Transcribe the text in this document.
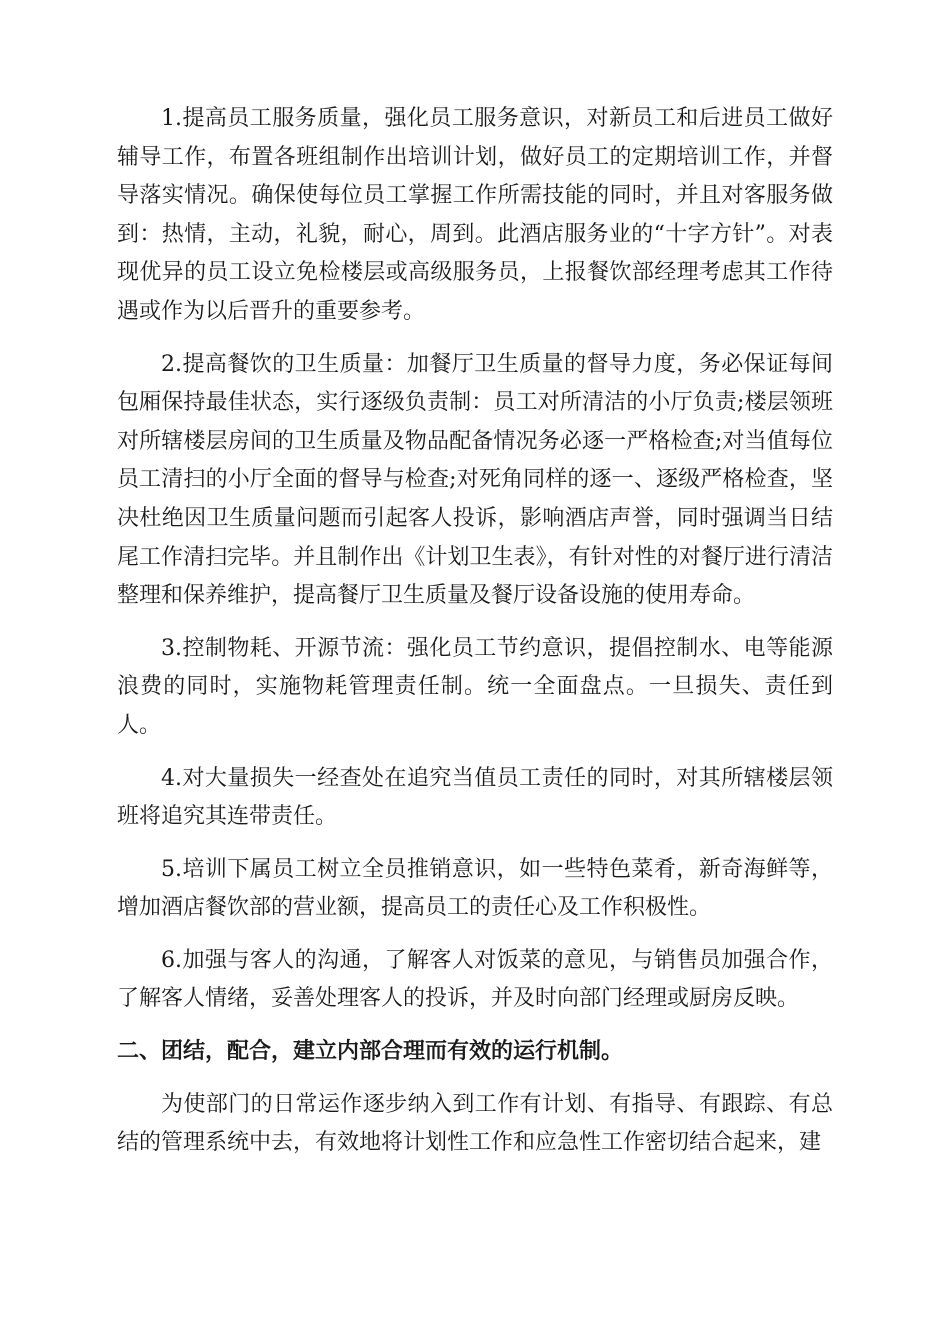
1.提高员工服务质量，强化员工服务意识，对新员工和后进员工做好辅导工作，布置各班组制作出培训计划，做好员工的定期培训工作，并督导落实情况。确保使每位员工掌握工作所需技能的同时，并且对客服务做到：热情，主动，礼貌，耐心，周到。此酒店服务业的“十字方针”。对表现优异的员工设立免检楼层或高级服务员，上报餐饮部经理考虑其工作待遇或作为以后晋升的重要参考。

2.提高餐饮的卫生质量：加餐厅卫生质量的督导力度，务必保证每间包厢保持最佳状态，实行逐级负责制：员工对所清洁的小厅负责;楼层领班对所辖楼层房间的卫生质量及物品配备情况务必逐一严格检查;对当值每位员工清扫的小厅全面的督导与检查;对死角同样的逐一、逐级严格检查，坚决杜绝因卫生质量问题而引起客人投诉，影响酒店声誉，同时强调当日结尾工作清扫完毕。并且制作出《计划卫生表》，有针对性的对餐厅进行清洁整理和保养维护，提高餐厅卫生质量及餐厅设备设施的使用寿命。

3.控制物耗、开源节流：强化员工节约意识，提倡控制水、电等能源浪费的同时，实施物耗管理责任制。统一全面盘点。一旦损失、责任到人。

4.对大量损失一经查处在追究当值员工责任的同时，对其所辖楼层领班将追究其连带责任。

5.培训下属员工树立全员推销意识，如一些特色菜肴，新奇海鲜等，增加酒店餐饮部的营业额，提高员工的责任心及工作积极性。

6.加强与客人的沟通，了解客人对饭菜的意见，与销售员加强合作，了解客人情绪，妥善处理客人的投诉，并及时向部门经理或厨房反映。

二、团结，配合，建立内部合理而有效的运行机制。

为使部门的日常运作逐步纳入到工作有计划、有指导、有跟踪、有总结的管理系统中去，有效地将计划性工作和应急性工作密切结合起来，建
